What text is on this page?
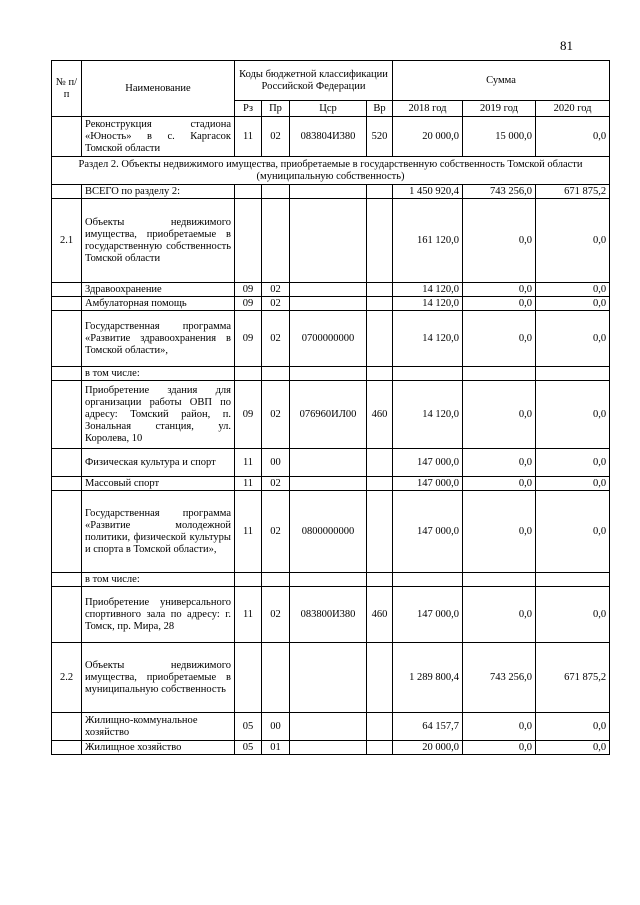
81
№ п/п	Наименование	Коды бюджетной классификации Российской Федерации				Сумма		
		Рз	Пр	Цср	Вр	2018 год	2019 год	2020 год
	Реконструкция стадиона «Юность» в с. Каргасок Томской области	11	02	083804И380	520	20 000,0	15 000,0	0,0
Раздел 2. Объекты недвижимого имущества, приобретаемые в государственную собственность Томской области (муниципальную собственность)								
	ВСЕГО по разделу 2:					1 450 920,4	743 256,0	671 875,2
2.1	Объекты недвижимого имущества, приобретаемые в государственную собственность Томской области					161 120,0	0,0	0,0
	Здравоохранение	09	02			14 120,0	0,0	0,0
	Амбулаторная помощь	09	02			14 120,0	0,0	0,0
	Государственная программа «Развитие здравоохранения в Томской области»,	09	02	0700000000		14 120,0	0,0	0,0
	в том числе:							
	Приобретение здания для организации работы ОВП по адресу: Томский район, п. Зональная станция, ул. Королева, 10	09	02	076960ИЛ00	460	14 120,0	0,0	0,0
	Физическая культура и спорт	11	00			147 000,0	0,0	0,0
	Массовый спорт	11	02			147 000,0	0,0	0,0
	Государственная программа «Развитие молодежной политики, физической культуры и спорта в Томской области»,	11	02	0800000000		147 000,0	0,0	0,0
	в том числе:							
	Приобретение универсального спортивного зала по адресу: г. Томск, пр. Мира, 28	11	02	083800И380	460	147 000,0	0,0	0,0
2.2	Объекты недвижимого имущества, приобретаемые в муниципальную собственность					1 289 800,4	743 256,0	671 875,2
	Жилищно-коммунальное хозяйство	05	00			64 157,7	0,0	0,0
	Жилищное хозяйство	05	01			20 000,0	0,0	0,0
